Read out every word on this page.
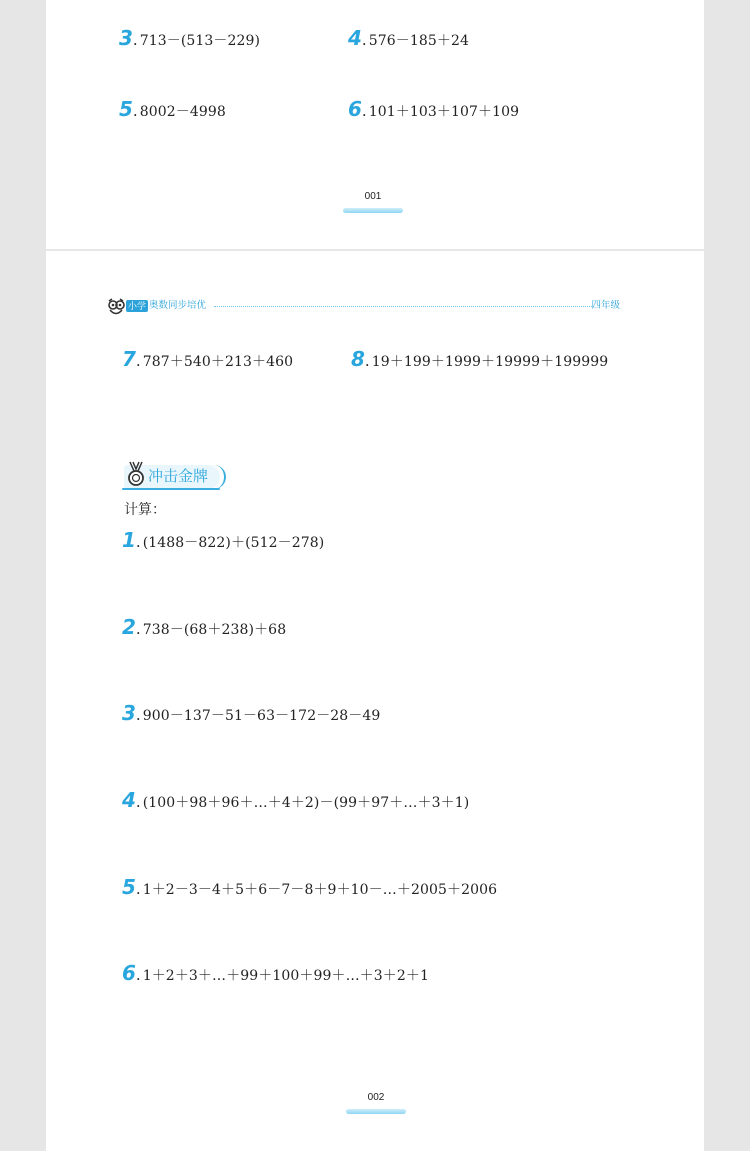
3 . 713－(513－229)	4 . 576－185＋24
5 . 8002－4998	6 . 101＋103＋107＋109
001
小学 奥数同步培优	四年级
7 . 787＋540＋213＋460	8 . 19＋199＋1999＋19999＋199999
冲击金牌
计算：
1 . (1488－822)＋(512－278)
2 . 738－(68＋238)＋68
3 . 900－137－51－63－172－28－49
4 . (100＋98＋96＋…＋4＋2)－(99＋97＋…＋3＋1)
5 . 1＋2－3－4＋5＋6－7－8＋9＋10－…＋2005＋2006
6 . 1＋2＋3＋…＋99＋100＋99＋…＋3＋2＋1
002
